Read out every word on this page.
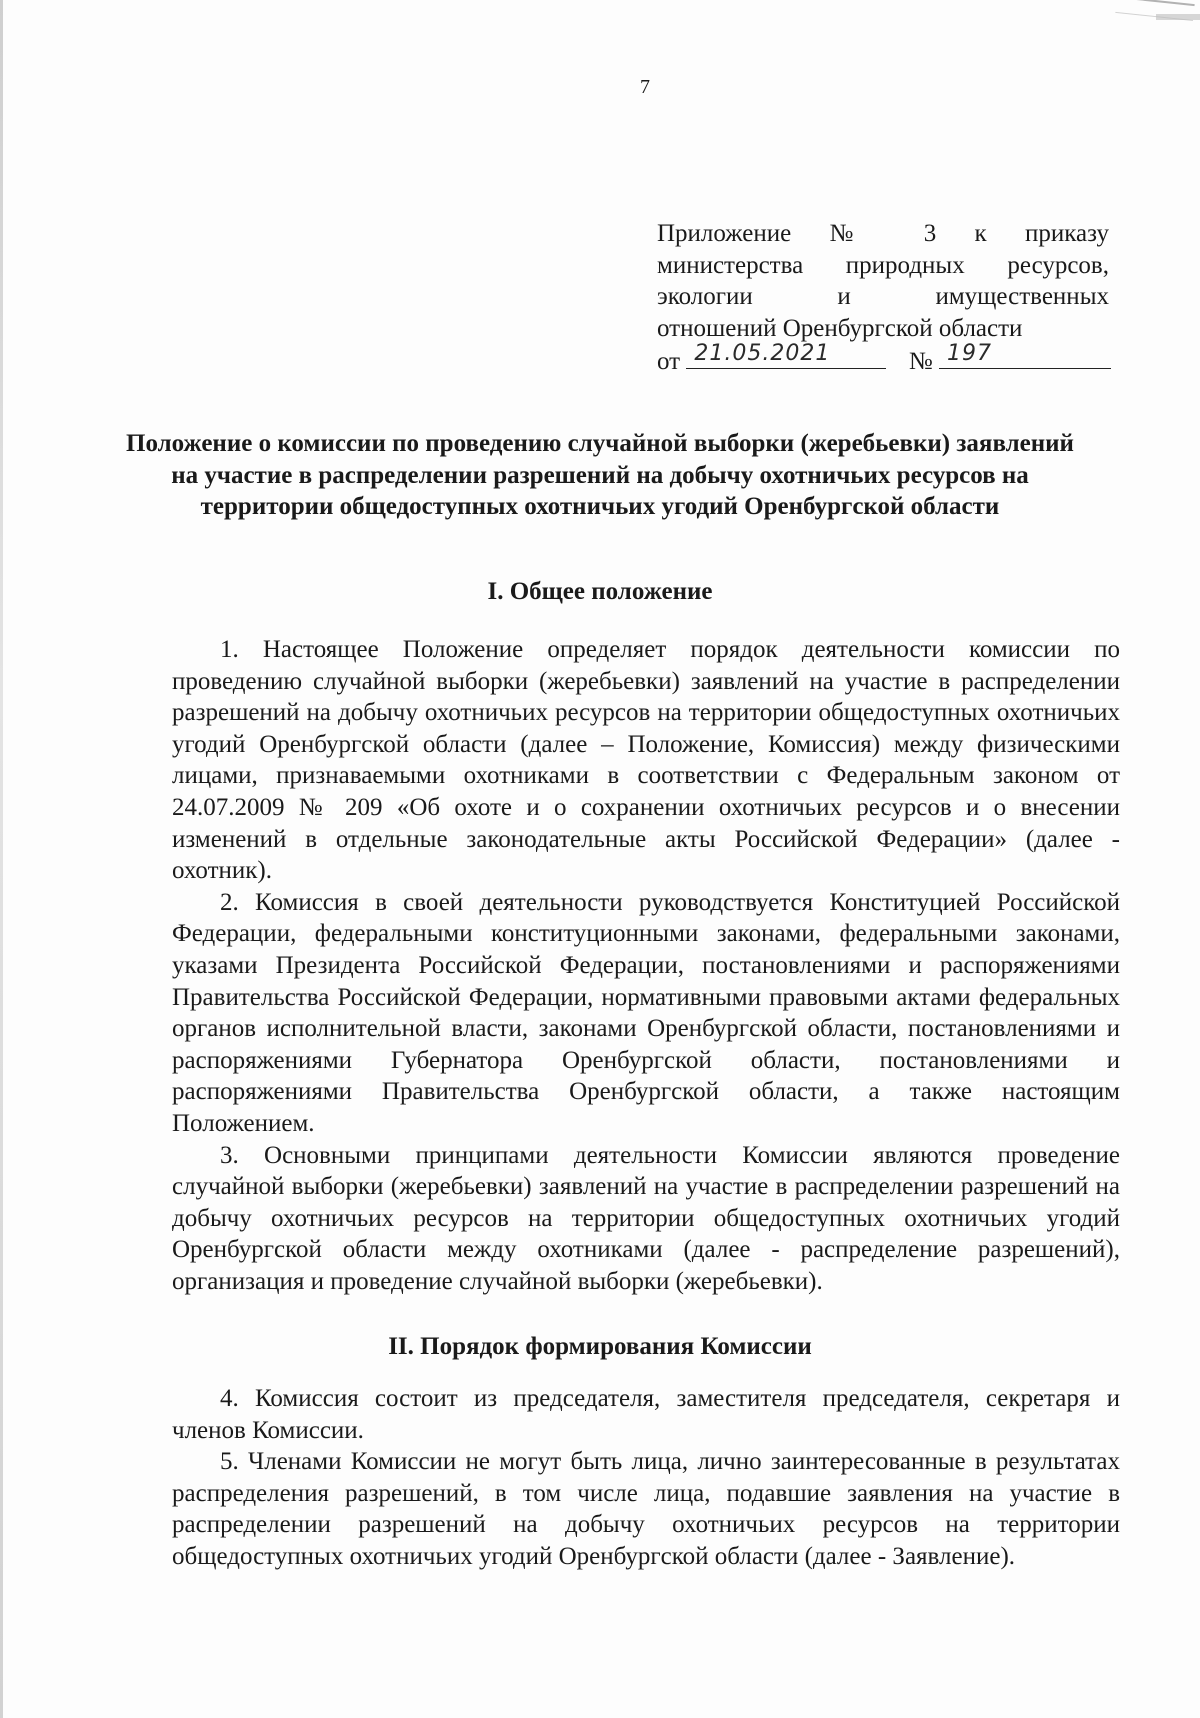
7
Приложение № 3 к приказу
министерства природных ресурсов,
экологии и имущественных
отношений Оренбургской области
от 21.05.2021	№ 197
Положение о комиссии по проведению случайной выборки (жеребьевки) заявлений на участие в распределении разрешений на добычу охотничьих ресурсов на территории общедоступных охотничьих угодий Оренбургской области
I. Общее положение

1. Настоящее Положение определяет порядок деятельности комиссии по проведению случайной выборки (жеребьевки) заявлений на участие в распределении разрешений на добычу охотничьих ресурсов на территории общедоступных охотничьих угодий Оренбургской области (далее – Положение, Комиссия) между физическими лицами, признаваемыми охотниками в соответствии с Федеральным законом от 24.07.2009 № 209 «Об охоте и о сохранении охотничьих ресурсов и о внесении изменений в отдельные законодательные акты Российской Федерации» (далее - охотник).

2. Комиссия в своей деятельности руководствуется Конституцией Российской Федерации, федеральными конституционными законами, федеральными законами, указами Президента Российской Федерации, постановлениями и распоряжениями Правительства Российской Федерации, нормативными правовыми актами федеральных органов исполнительной власти, законами Оренбургской области, постановлениями и распоряжениями Губернатора Оренбургской области, постановлениями и распоряжениями Правительства Оренбургской области, а также настоящим Положением.

3. Основными принципами деятельности Комиссии являются проведение случайной выборки (жеребьевки) заявлений на участие в распределении разрешений на добычу охотничьих ресурсов на территории общедоступных охотничьих угодий Оренбургской области между охотниками (далее - распределение разрешений), организация и проведение случайной выборки (жеребьевки).

II. Порядок формирования Комиссии

4. Комиссия состоит из председателя, заместителя председателя, секретаря и членов Комиссии.

5. Членами Комиссии не могут быть лица, лично заинтересованные в результатах распределения разрешений, в том числе лица, подавшие заявления на участие в распределении разрешений на добычу охотничьих ресурсов на территории общедоступных охотничьих угодий Оренбургской области (далее - Заявление).
